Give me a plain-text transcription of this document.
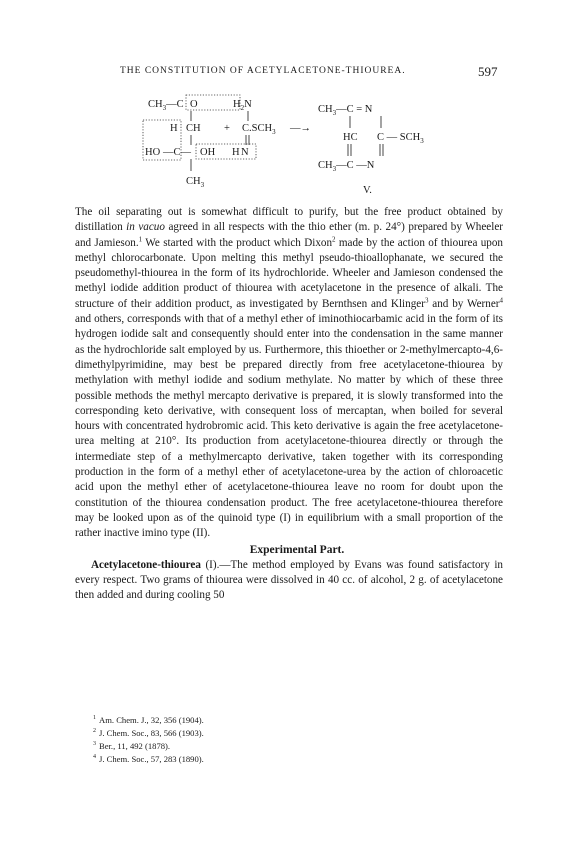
THE CONSTITUTION OF ACETYLACETONE-THIOUREA.	597
$CH_3—C$ O	$H_2N$
H CH + $C.SCH_3$
HO —C— OH H N
$CH_3$
—→
$CH_3—C = N$
HC C — $SCH_3$
$CH_3—C$ —N
V.

The oil separating out is somewhat difficult to purify, but the free product obtained by distillation in vacuo agreed in all respects with the thio ether (m. p. 24°) prepared by Wheeler and Jamieson.$^1$ We started with the product which Dixon$^2$ made by the action of thiourea upon methyl chlorocarbonate. Upon melting this methyl pseudo-thioallophanate, we secured the pseudomethyl-thiourea in the form of its hydrochloride. Wheeler and Jamieson condensed the methyl iodide addition product of thiourea with acetylacetone in the presence of alkali. The structure of their addition product, as investigated by Bernthsen and Klinger$^3$ and by Werner$^4$ and others, corresponds with that of a methyl ether of iminothiocarbamic acid in the form of its hydrogen iodide salt and consequently should enter into the condensation in the same manner as the hydrochloride salt employed by us. Furthermore, this thioether or 2-methylmercapto-4,6-dimethylpyrimidine, may best be prepared directly from free acetylacetone-thiourea by methylation with methyl iodide and sodium methylate. No matter by which of these three possible methods the methyl mercapto derivative is prepared, it is slowly transformed into the corresponding keto derivative, with consequent loss of mercaptan, when boiled for several hours with concentrated hydrobromic acid. This keto derivative is again the free acetylacetone-urea melting at 210°. Its production from acetylacetone-thiourea directly or through the intermediate step of a methylmercapto derivative, taken together with its corresponding production in the form of a methyl ether of acetylacetone-urea by the action of chloroacetic acid upon the methyl ether of acetylacetone-thiourea leave no room for doubt upon the constitution of the thiourea condensation product. The free acetylacetone-thiourea therefore may be looked upon as of the quinoid type (I) in equilibrium with a small proportion of the rather inactive imino type (II).

Experimental Part.

Acetylacetone-thiourea (I).—The method employed by Evans was found satisfactory in every respect. Two grams of thiourea were dissolved in 40 cc. of alcohol, 2 g. of acetylacetone then added and during cooling 50

$^1$ Am. Chem. J., 32, 356 (1904).
$^2$ J. Chem. Soc., 83, 566 (1903).
$^3$ Ber., 11, 492 (1878).
$^4$ J. Chem. Soc., 57, 283 (1890).
